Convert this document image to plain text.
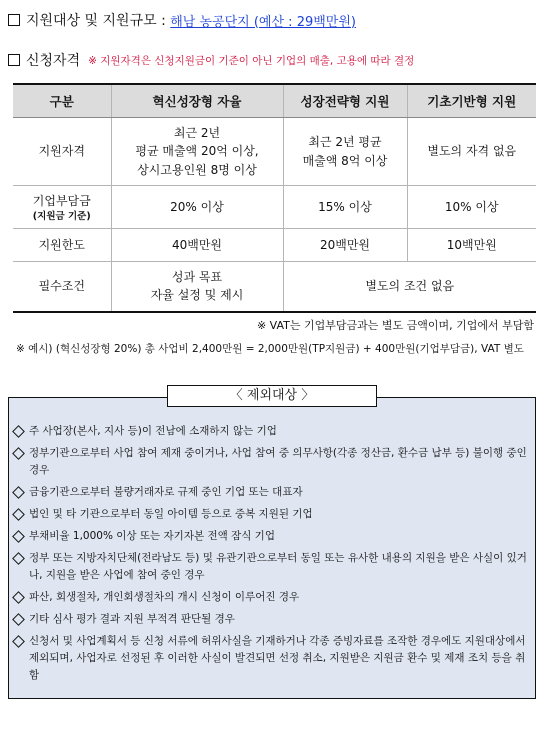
지원대상 및 지원규모 :
해남 농공단지 (예산 : 29백만원)
신청자격 ※ 지원자격은 신청지원금이 기준이 아닌 기업의 매출, 고용에 따라 결정
구분	혁신성장형 자율	성장전략형 지원	기초기반형 지원
지원자격	최근 2년
평균 매출액 20억 이상,
상시고용인원 8명 이상	최근 2년 평균
매출액 8억 이상	별도의 자격 없음
기업부담금
(지원금 기준)	20% 이상	15% 이상	10% 이상
지원한도	40백만원	20백만원	10백만원
필수조건	성과 목표
자율 설정 및 제시	별도의 조건 없음	
※ VAT는 기업부담금과는 별도 금액이며, 기업에서 부담함
※ 예시) (혁신성장형 20%) 총 사업비 2,400만원 = 2,000만원(TP지원금) + 400만원(기업부담금), VAT 별도
〈 제외대상 〉
주 사업장(본사, 지사 등)이 전남에 소재하지 않는 기업
정부기관으로부터 사업 참여 제재 중이거나, 사업 참여 중 의무사항(각종 정산금, 환수금 납부 등) 불이행 중인 경우
금융기관으로부터 불량거래자로 규제 중인 기업 또는 대표자
법인 및 타 기관으로부터 동일 아이템 등으로 중복 지원된 기업
부채비율 1,000% 이상 또는 자기자본 전액 잠식 기업
정부 또는 지방자치단체(전라남도 등) 및 유관기관으로부터 동일 또는 유사한 내용의 지원을 받은 사실이 있거나, 지원을 받은 사업에 참여 중인 경우
파산, 회생절차, 개인회생절차의 개시 신청이 이루어진 경우
기타 심사 평가 결과 지원 부적격 판단될 경우
신청서 및 사업계획서 등 신청 서류에 허위사실을 기재하거나 각종 증빙자료를 조작한 경우에도 지원대상에서 제외되며, 사업자로 선정된 후 이러한 사실이 발견되면 선정 취소, 지원받은 지원금 환수 및 제재 조치 등을 취함
